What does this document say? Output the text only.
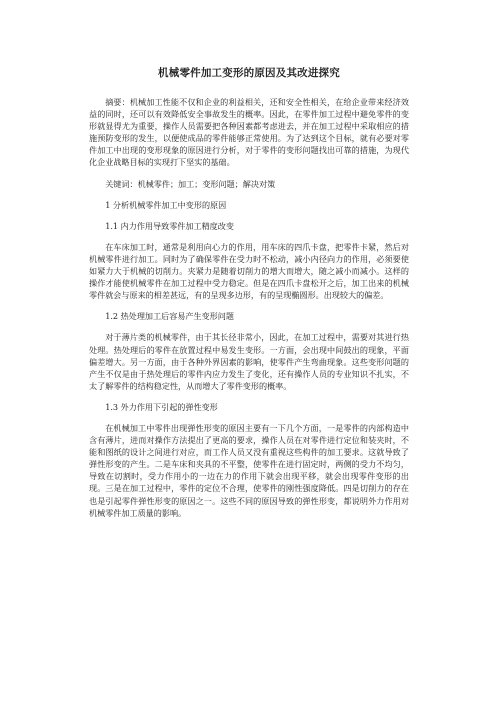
机械零件加工变形的原因及其改进探究

摘要：机械加工性能不仅和企业的利益相关，还和安全性相关，在给企业带来经济效益的同时，还可以有效降低安全事故发生的概率。因此，在零件加工过程中避免零件的变形就显得尤为重要，操作人员需要把各种因素都考虑进去，并在加工过程中采取相应的措施预防变形的发生，以便使成品的零件能够正常使用。为了达到这个目标，就有必要对零件加工中出现的变形现象的原因进行分析，对于零件的变形问题找出可靠的措施，为现代化企业战略目标的实现打下坚实的基础。

关键词：机械零件；加工；变形问题；解决对策

1 分析机械零件加工中变形的原因
1.1 内力作用导致零件加工精度改变

在车床加工时，通常是利用向心力的作用，用车床的四爪卡盘，把零件卡紧，然后对机械零件进行加工。同时为了确保零件在受力时不松动，减小内径向力的作用，必须要使如紧力大于机械的切削力。夹紧力是随着切削力的增大而增大，随之减小而减小。这样的操作才能使机械零件在加工过程中受力稳定。但是在四爪卡盘松开之后，加工出来的机械零件就会与原来的相差甚远，有的呈现多边形，有的呈现椭圆形。出现较大的偏差。

1.2 热处理加工后容易产生变形问题

对于薄片类的机械零件，由于其长径非常小，因此，在加工过程中，需要对其进行热处理。热处理后的零件在放置过程中易发生变形。一方面，会出现中间鼓出的现象，平面偏差增大。另一方面，由于各种外界因素的影响，使零件产生弯曲现象。这些变形问题的产生不仅是由于热处理后的零件内应力发生了变化，还有操作人员的专业知识不扎实，不太了解零件的结构稳定性，从而增大了零件变形的概率。

1.3 外力作用下引起的弹性变形

在机械加工中零件出现弹性形变的原因主要有一下几个方面，一是零件的内部构造中含有薄片，进而对操作方法提出了更高的要求，操作人员在对零件进行定位和装夹时，不能和图纸的设计之间进行对应，而工作人员又没有重视这些构件的加工要求。这就导致了弹性形变的产生。二是车床和夹具的不平整，使零件在进行固定时，两侧的受力不均匀，导致在切割时，受力作用小的一边在力的作用下就会出现平移，就会出现零件变形的出现。三是在加工过程中，零件的定位不合理，使零件的刚性强度降低。四是切削力的存在也是引起零件弹性形变的原因之一。这些不同的原因导致的弹性形变，都说明外力作用对机械零件加工质量的影响。
